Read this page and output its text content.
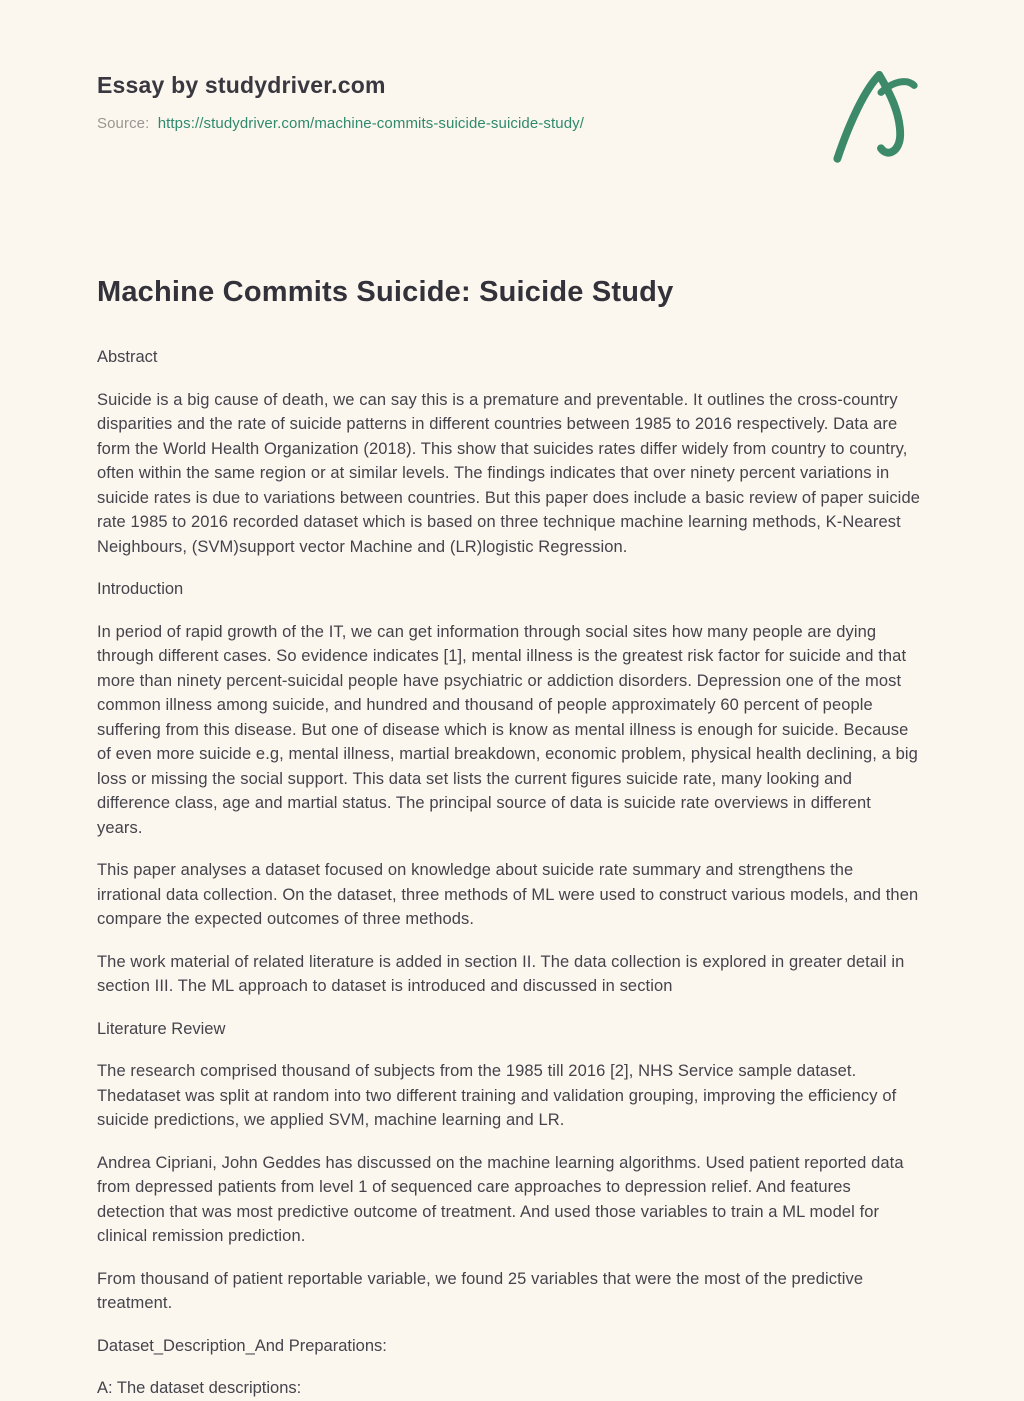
Essay by studydriver.com

Source: https://studydriver.com/machine-commits-suicide-suicide-study/

Machine Commits Suicide: Suicide Study

Abstract

Suicide is a big cause of death, we can say this is a premature and preventable. It outlines the cross-country disparities and the rate of suicide patterns in different countries between 1985 to 2016 respectively. Data are form the World Health Organization (2018). This show that suicides rates differ widely from country to country, often within the same region or at similar levels. The findings indicates that over ninety percent variations in suicide rates is due to variations between countries. But this paper does include a basic review of paper suicide rate 1985 to 2016 recorded dataset which is based on three technique machine learning methods, K-Nearest Neighbours, (SVM)support vector Machine and (LR)logistic Regression.

Introduction

In period of rapid growth of the IT, we can get information through social sites how many people are dying through different cases. So evidence indicates [1], mental illness is the greatest risk factor for suicide and that more than ninety percent-suicidal people have psychiatric or addiction disorders. Depression one of the most common illness among suicide, and hundred and thousand of people approximately 60 percent of people suffering from this disease. But one of disease which is know as mental illness is enough for suicide. Because of even more suicide e.g, mental illness, martial breakdown, economic problem, physical health declining, a big loss or missing the social support. This data set lists the current figures suicide rate, many looking and difference class, age and martial status. The principal source of data is suicide rate overviews in different years.

This paper analyses a dataset focused on knowledge about suicide rate summary and strengthens the irrational data collection. On the dataset, three methods of ML were used to construct various models, and then compare the expected outcomes of three methods.

The work material of related literature is added in section II. The data collection is explored in greater detail in section III. The ML approach to dataset is introduced and discussed in section

Literature Review

The research comprised thousand of subjects from the 1985 till 2016 [2], NHS Service sample dataset. Thedataset was split at random into two different training and validation grouping, improving the efficiency of suicide predictions, we applied SVM, machine learning and LR.

Andrea Cipriani, John Geddes has discussed on the machine learning algorithms. Used patient reported data from depressed patients from level 1 of sequenced care approaches to depression relief. And features detection that was most predictive outcome of treatment. And used those variables to train a ML model for clinical remission prediction.

From thousand of patient reportable variable, we found 25 variables that were the most of the predictive treatment.

Dataset_Description_And Preparations:

A: The dataset descriptions:
